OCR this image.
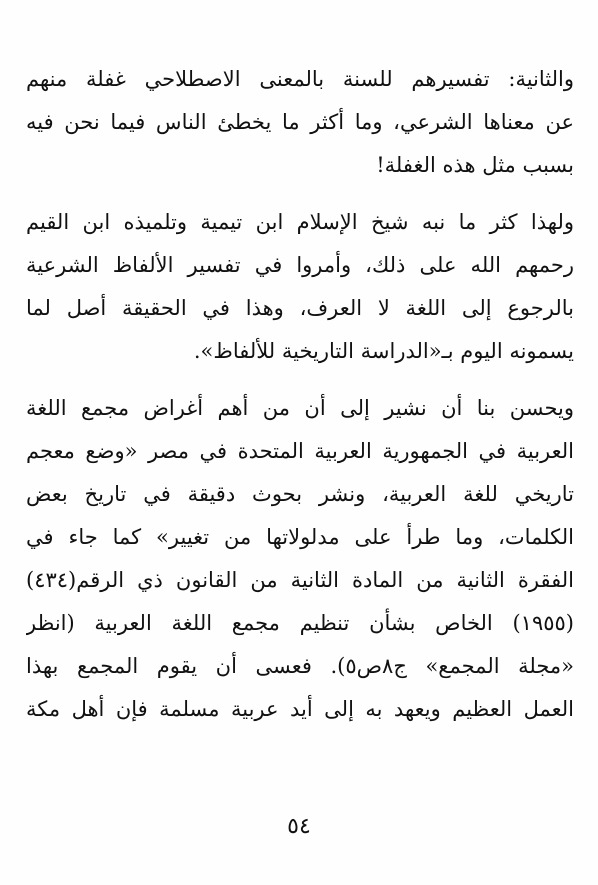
والثانية: تفسيرهم للسنة بالمعنى الاصطلاحي غفلة منهم
عن معناها الشرعي، وما أكثر ما يخطئ الناس فيما نحن فيه
بسبب مثل هذه الغفلة!
ولهذا كثر ما نبه شيخ الإسلام ابن تيمية وتلميذه ابن القيم
رحمهم الله على ذلك، وأمروا في تفسير الألفاظ الشرعية
بالرجوع إلى اللغة لا العرف، وهذا في الحقيقة أصل لما
يسمونه اليوم بـ«الدراسة التاريخية للألفاظ».
ويحسن بنا أن نشير إلى أن من أهم أغراض مجمع اللغة
العربية في الجمهورية العربية المتحدة في مصر «وضع معجم
تاريخي للغة العربية، ونشر بحوث دقيقة في تاريخ بعض
الكلمات، وما طرأ على مدلولاتها من تغيير» كما جاء في
الفقرة الثانية من المادة الثانية من القانون ذي الرقم(٤٣٤)
(١٩٥٥) الخاص بشأن تنظيم مجمع اللغة العربية (انظر
«مجلة المجمع» ج٨ص٥). فعسى أن يقوم المجمع بهذا
العمل العظيم ويعهد به إلى أيد عربية مسلمة فإن أهل مكة
٥٤
